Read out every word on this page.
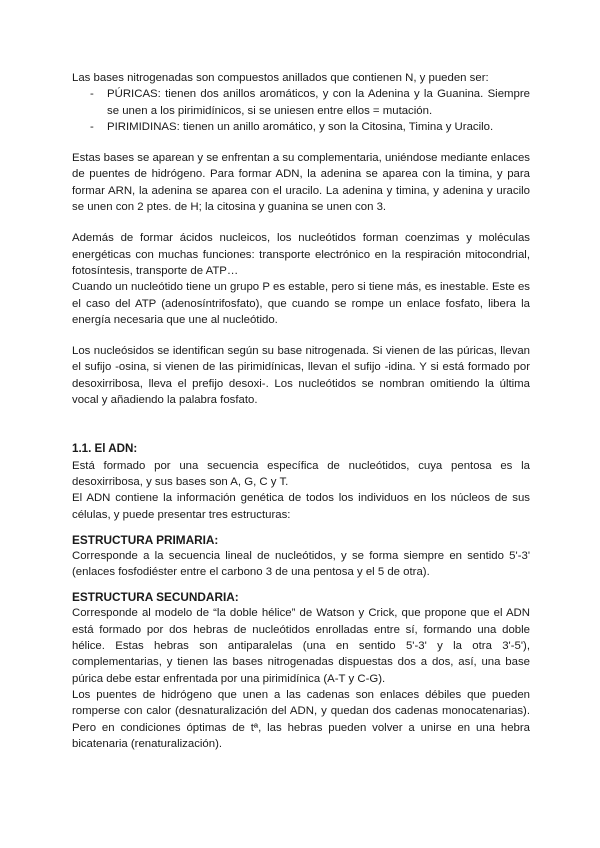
Las bases nitrogenadas son compuestos anillados que contienen N, y pueden ser:

- PÚRICAS: tienen dos anillos aromáticos, y con la Adenina y la Guanina. Siempre se unen a los pirimidínicos, si se uniesen entre ellos = mutación.
- PIRIMIDINAS: tienen un anillo aromático, y son la Citosina, Timina y Uracilo.

Estas bases se aparean y se enfrentan a su complementaria, uniéndose mediante enlaces de puentes de hidrógeno. Para formar ADN, la adenina se aparea con la timina, y para formar ARN, la adenina se aparea con el uracilo. La adenina y timina, y adenina y uracilo se unen con 2 ptes. de H; la citosina y guanina se unen con 3.

Además de formar ácidos nucleicos, los nucleótidos forman coenzimas y moléculas energéticas con muchas funciones: transporte electrónico en la respiración mitocondrial, fotosíntesis, transporte de ATP…

Cuando un nucleótido tiene un grupo P es estable, pero si tiene más, es inestable. Este es el caso del ATP (adenosíntrifosfato), que cuando se rompe un enlace fosfato, libera la energía necesaria que une al nucleótido.

Los nucleósidos se identifican según su base nitrogenada. Si vienen de las púricas, llevan el sufijo -osina, si vienen de las pirimidínicas, llevan el sufijo -idina. Y si está formado por desoxirribosa, lleva el prefijo desoxi-. Los nucleótidos se nombran omitiendo la última vocal y añadiendo la palabra fosfato.

1.1. El ADN:

Está formado por una secuencia específica de nucleótidos, cuya pentosa es la desoxirribosa, y sus bases son A, G, C y T.

El ADN contiene la información genética de todos los individuos en los núcleos de sus células, y puede presentar tres estructuras:

ESTRUCTURA PRIMARIA:

Corresponde a la secuencia lineal de nucleótidos, y se forma siempre en sentido 5'-3' (enlaces fosfodiéster entre el carbono 3 de una pentosa y el 5 de otra).

ESTRUCTURA SECUNDARIA:

Corresponde al modelo de “la doble hélice” de Watson y Crick, que propone que el ADN está formado por dos hebras de nucleótidos enrolladas entre sí, formando una doble hélice. Estas hebras son antiparalelas (una en sentido 5'-3' y la otra 3'-5'), complementarias, y tienen las bases nitrogenadas dispuestas dos a dos, así, una base púrica debe estar enfrentada por una pirimidínica (A-T y C-G).

Los puentes de hidrógeno que unen a las cadenas son enlaces débiles que pueden romperse con calor (desnaturalización del ADN, y quedan dos cadenas monocatenarias). Pero en condiciones óptimas de tª, las hebras pueden volver a unirse en una hebra bicatenaria (renaturalización).
